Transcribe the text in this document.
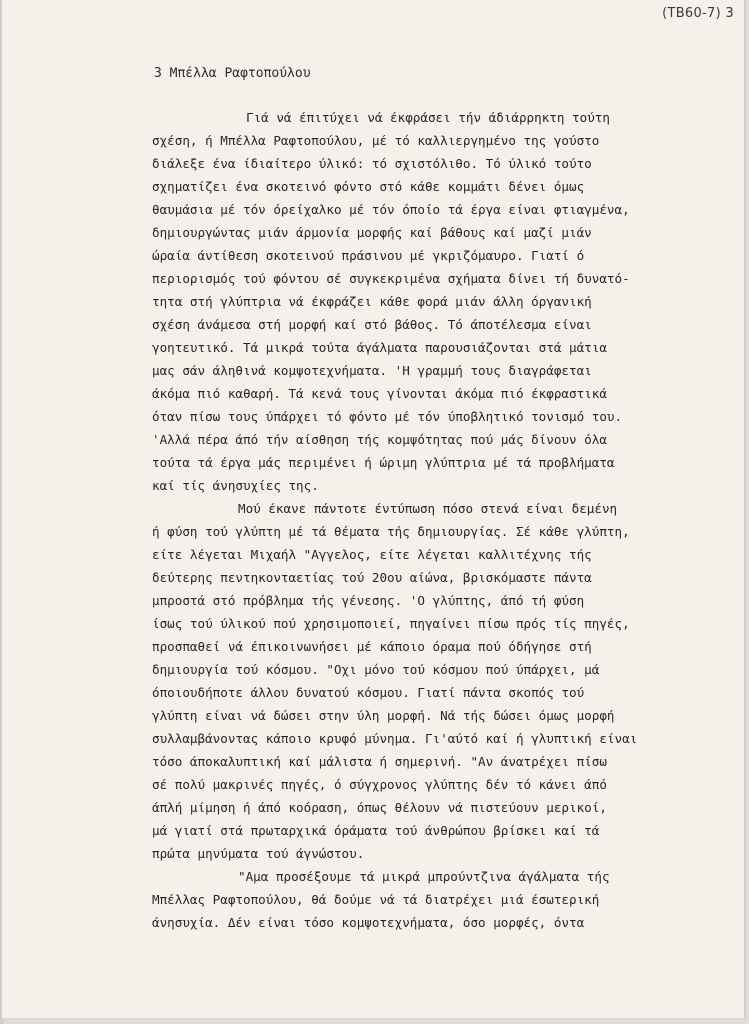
(ΤΒ60-7) 3
3 Μπέλλα Ραφτοπούλου
Γιά νά έπιτύχει νά έκφράσει τήν άδιάρρηκτη τούτη
σχέση, ή Μπέλλα Ραφτοπούλου, μέ τό καλλιεργημένο της γούστο
διάλεξε ένα ίδιαίτερο ύλικό: τό σχιστόλιθο. Τό ύλικό τούτο
σχηματίζει ένα σκοτεινό φόντο στό κάθε κομμάτι δένει όμως
θαυμάσια μέ τόν όρείχαλκο μέ τόν όποίο τά έργα είναι φτιαγμένα,
δημιουργώντας μιάν άρμονία μορφής καί βάθους καί μαζί μιάν
ώραία άντίθεση σκοτεινού πράσινου μέ γκριζόμαυρο. Γιατί ό
περιορισμός τού φόντου σέ συγκεκριμένα σχήματα δίνει τή δυνατό-
τητα στή γλύπτρια νά έκφράζει κάθε φορά μιάν άλλη όργανική
σχέση άνάμεσα στή μορφή καί στό βάθος. Τό άποτέλεσμα είναι
γοητευτικό. Τά μικρά τούτα άγάλματα παρουσιάζονται στά μάτια
μας σάν άληθινά κομψοτεχνήματα. 'Η γραμμή τους διαγράφεται
άκόμα πιό καθαρή. Τά κενά τους γίνονται άκόμα πιό έκφραστικά
όταν πίσω τους ύπάρχει τό φόντο μέ τόν ύποβλητικό τονισμό του.
'Αλλά πέρα άπό τήν αίσθηση τής κομψότητας πού μάς δίνουν όλα
τούτα τά έργα μάς περιμένει ή ώριμη γλύπτρια μέ τά προβλήματα
καί τίς άνησυχίες της.
Μού έκανε πάντοτε έντύπωση πόσο στενά είναι δεμένη
ή φύση τού γλύπτη μέ τά θέματα τής δημιουργίας. Σέ κάθε γλύπτη,
είτε λέγεται Μιχαήλ "Αγγελος, είτε λέγεται καλλιτέχνης τής
δεύτερης πεντηκονταετίας τού 20ου αίώνα, βρισκόμαστε πάντα
μπροστά στό πρόβλημα τής γένεσης. 'Ο γλύπτης, άπό τή φύση
ίσως τού ύλικού πού χρησιμοποιεί, πηγαίνει πίσω πρός τίς πηγές,
προσπαθεί νά έπικοινωνήσει μέ κάποιο όραμα πού όδήγησε στή
δημιουργία τού κόσμου. "Οχι μόνο τού κόσμου πού ύπάρχει, μά
όποιουδήποτε άλλου δυνατού κόσμου. Γιατί πάντα σκοπός τού
γλύπτη είναι νά δώσει στην ύλη μορφή. Νά τής δώσει όμως μορφή
συλλαμβάνοντας κάποιο κρυφό μύνημα. Γι'αύτό καί ή γλυπτική είναι
τόσο άποκαλυπτική καί μάλιστα ή σημερινή. "Αν άνατρέχει πίσω
σέ πολύ μακρινές πηγές, ό σύγχρονος γλύπτης δέν τό κάνει άπό
άπλή μίμηση ή άπό κοόραση, όπως θέλουν νά πιστεύουν μερικοί,
μά γιατί στά πρωταρχικά όράματα τού άνθρώπου βρίσκει καί τά
πρώτα μηνύματα τού άγνώστου.
"Αμα προσέξουμε τά μικρά μπρούντζινα άγάλματα τής
Μπέλλας Ραφτοπούλου, θά δούμε νά τά διατρέχει μιά έσωτερική
άνησυχία. Δέν είναι τόσο κομψοτεχνήματα, όσο μορφές, όντα
